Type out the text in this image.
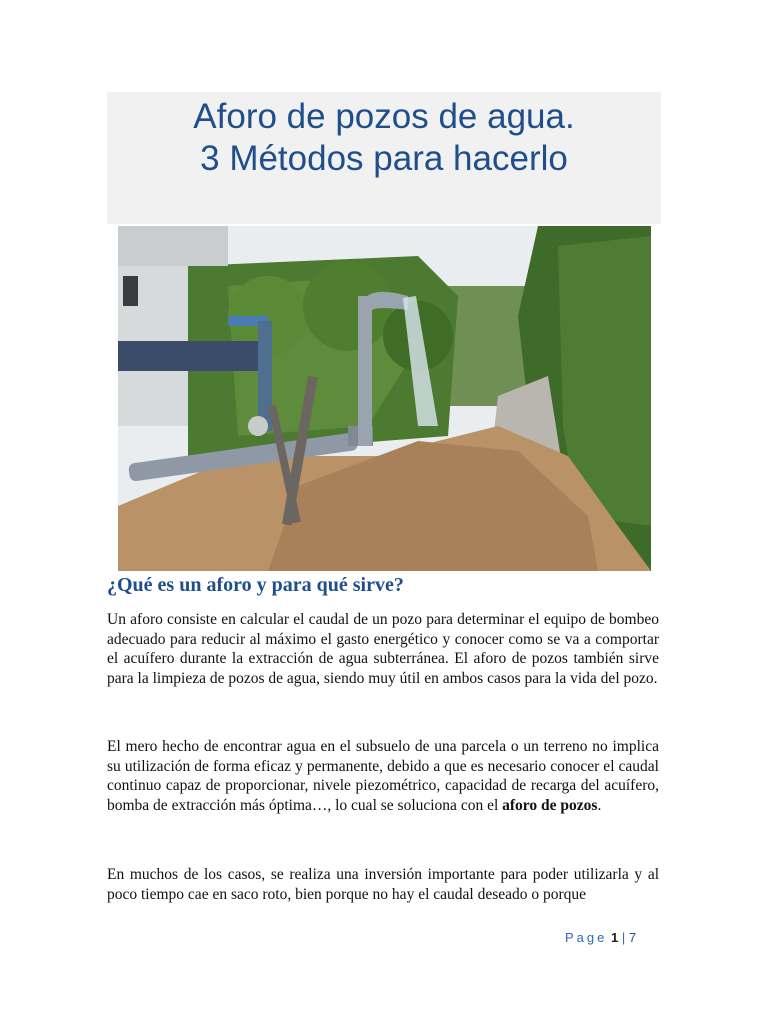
Aforo de pozos de agua.

3 Métodos para hacerlo

¿Qué es un aforo y para qué sirve?

Un aforo consiste en calcular el caudal de un pozo para determinar el equipo de bombeo adecuado para reducir al máximo el gasto energético y conocer como se va a comportar el acuífero durante la extracción de agua subterránea. El aforo de pozos también sirve para la limpieza de pozos de agua, siendo muy útil en ambos casos para la vida del pozo.

El mero hecho de encontrar agua en el subsuelo de una parcela o un terreno no implica su utilización de forma eficaz y permanente, debido a que es necesario conocer el caudal continuo capaz de proporcionar, nivele piezométrico, capacidad de recarga del acuífero, bomba de extracción más óptima…, lo cual se soluciona con el aforo de pozos.

En muchos de los casos, se realiza una inversión importante para poder utilizarla y al poco tiempo cae en saco roto, bien porque no hay el caudal deseado o porque

Page 1 | 7
